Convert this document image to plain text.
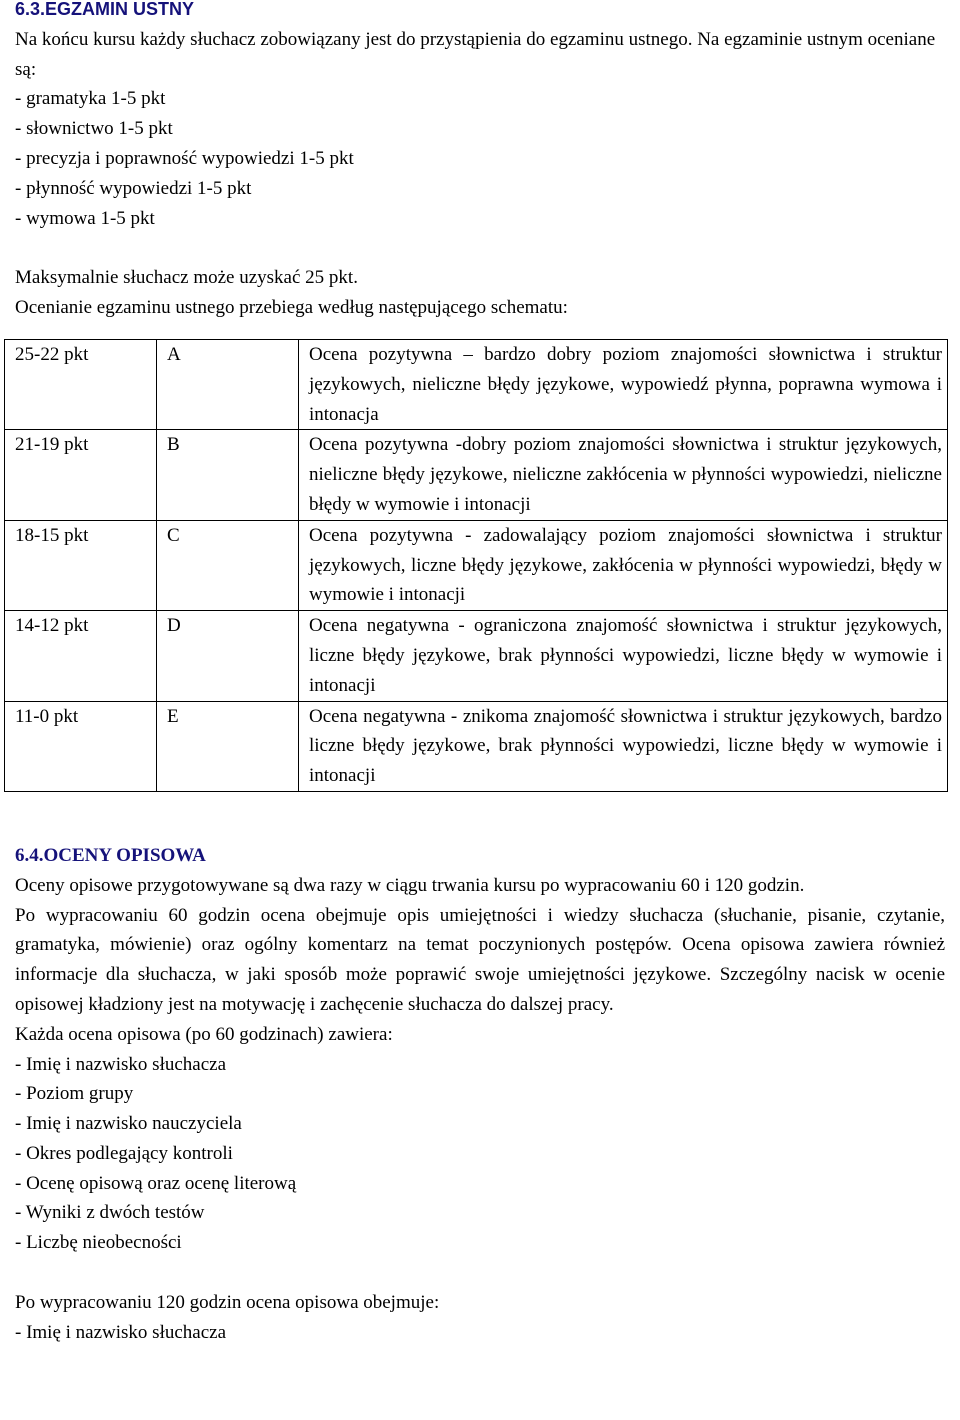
6.3.EGZAMIN USTNY

Na końcu kursu każdy słuchacz zobowiązany jest do przystąpienia do egzaminu ustnego. Na egzaminie ustnym oceniane są:

- gramatyka 1-5 pkt
- słownictwo 1-5 pkt
- precyzja i poprawność wypowiedzi 1-5 pkt
- płynność wypowiedzi 1-5 pkt
- wymowa 1-5 pkt

Maksymalnie słuchacz może uzyskać 25 pkt.

Ocenianie egzaminu ustnego przebiega według następującego schematu:

25-22 pkt	A	Ocena pozytywna – bardzo dobry poziom znajomości słownictwa i struktur językowych, nieliczne błędy językowe, wypowiedź płynna, poprawna wymowa i intonacja
21-19 pkt	B	Ocena pozytywna -dobry poziom znajomości słownictwa i struktur językowych, nieliczne błędy językowe, nieliczne zakłócenia w płynności wypowiedzi, nieliczne błędy w wymowie i intonacji
18-15 pkt	C	Ocena pozytywna - zadowalający poziom znajomości słownictwa i struktur językowych, liczne błędy językowe, zakłócenia w płynności wypowiedzi, błędy w wymowie i intonacji
14-12 pkt	D	Ocena negatywna - ograniczona znajomość słownictwa i struktur językowych, liczne błędy językowe, brak płynności wypowiedzi, liczne błędy w wymowie i intonacji
11-0 pkt	E	Ocena negatywna - znikoma znajomość słownictwa i struktur językowych, bardzo liczne błędy językowe, brak płynności wypowiedzi, liczne błędy w wymowie i intonacji

6.4.OCENY OPISOWA

Oceny opisowe przygotowywane są dwa razy w ciągu trwania kursu po wypracowaniu 60 i 120 godzin.

Po wypracowaniu 60 godzin ocena obejmuje opis umiejętności i wiedzy słuchacza (słuchanie, pisanie, czytanie, gramatyka, mówienie) oraz ogólny komentarz na temat poczynionych postępów. Ocena opisowa zawiera również informacje dla słuchacza, w jaki sposób może poprawić swoje umiejętności językowe. Szczególny nacisk w ocenie opisowej kładziony jest na motywację i zachęcenie słuchacza do dalszej pracy.

Każda ocena opisowa (po 60 godzinach) zawiera:

- Imię i nazwisko słuchacza
- Poziom grupy
- Imię i nazwisko nauczyciela
- Okres podlegający kontroli
- Ocenę opisową oraz ocenę literową
- Wyniki z dwóch testów
- Liczbę nieobecności

Po wypracowaniu 120 godzin ocena opisowa obejmuje:

- Imię i nazwisko słuchacza
